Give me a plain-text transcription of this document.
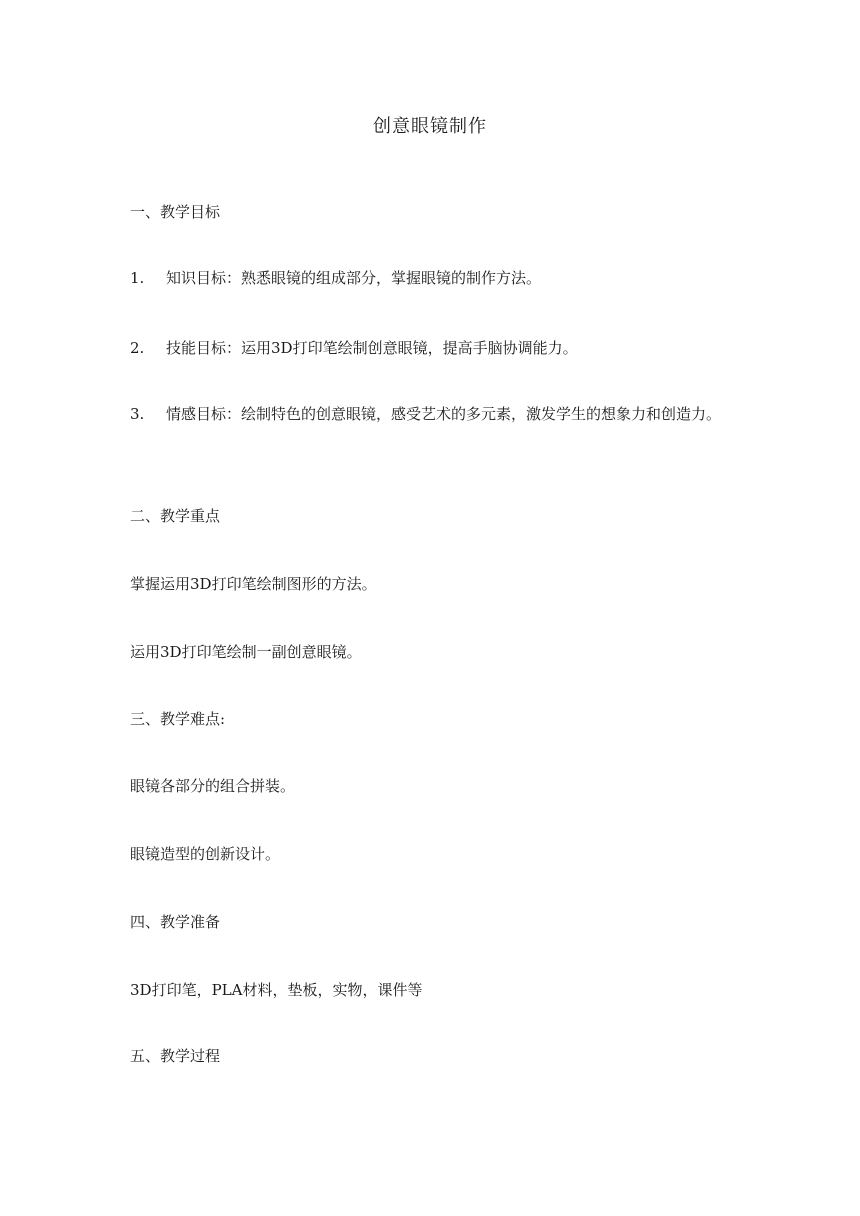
创意眼镜制作
一、教学目标
1. 知识目标：熟悉眼镜的组成部分，掌握眼镜的制作方法。
2. 技能目标：运用3D打印笔绘制创意眼镜，提高手脑协调能力。
3. 情感目标：绘制特色的创意眼镜，感受艺术的多元素，激发学生的想象力和创造力。
二、教学重点
掌握运用3D打印笔绘制图形的方法。
运用3D打印笔绘制一副创意眼镜。
三、教学难点:
眼镜各部分的组合拼装。
眼镜造型的创新设计。
四、教学准备
3D打印笔，PLA材料，垫板，实物，课件等
五、教学过程
